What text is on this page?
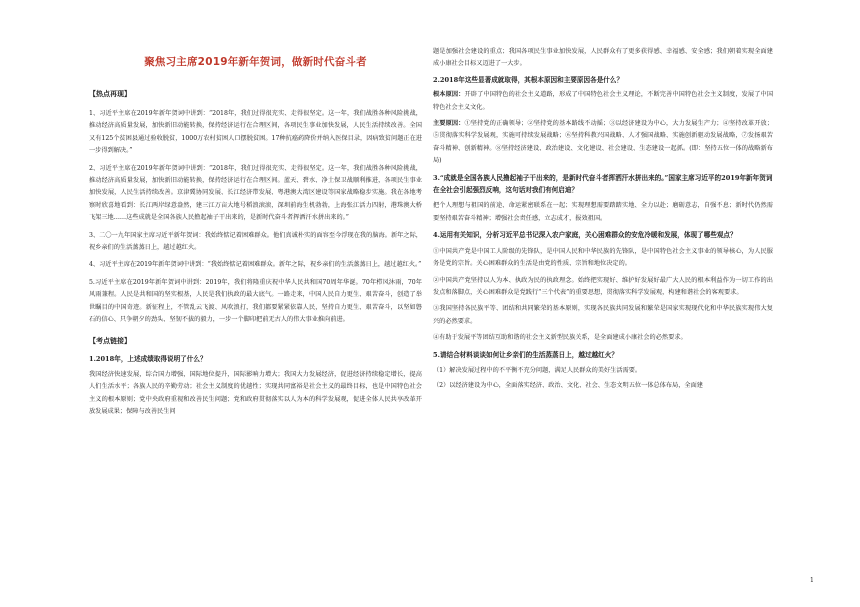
聚焦习主席2019年新年贺词，做新时代奋斗者
【热点再现】

1、习近平主席在2019年新年贺词中讲到：“2018年，我们过得很充实、走得很坚定。这一年，我们战胜各种风险挑战，推动经济高质量发展，加快新旧动能转换，保持经济运行在合理区间，各项民生事业加快发展，人民生活持续改善。全国又有125个贫困县通过验收脱贫，1000万农村贫困人口摆脱贫困。17种抗癌药降价并纳入医保目录，因病致贫问题正在进一步得到解决。”

2、习近平主席在2019年新年贺词中讲到：“2018年，我们过得很充实、走得很坚定。这一年，我们战胜各种风险挑战，推动经济高质量发展，加快新旧动能转换，保持经济运行在合理区间。蓝天、碧水、净土保卫战顺利推进，各项民生事业加快发展，人民生活持续改善。京津冀协同发展、长江经济带发展、粤港澳大湾区建设等国家战略稳步实施。我在各地考察时欣喜地看到：长江两岸绿意盎然，建三江万亩大地号稻浪滚滚，深圳前海生机勃勃，上海张江活力四射，港珠澳大桥飞架三地……这些成就是全国各族人民撸起袖子干出来的，是新时代奋斗者挥洒汗水拼出来的。”

3、二〇一九年国家主席习近平新年贺词：我始终惦记着困难群众。他们真诚朴实的面容至今浮现在我的脑海。新年之际，祝乡亲们的生活蒸蒸日上，越过越红火。

4、习近平主席在2019年新年贺词中讲到：“我始终惦记着困难群众。新年之际，祝乡亲们的生活蒸蒸日上，越过越红火。”

5.习近平主席在2019年新年贺词中讲到：2019年，我们将隆重庆祝中华人民共和国70周年华诞。70年栉风沐雨，70年风雨兼程。人民是共和国的坚实根基，人民是我们执政的最大底气。一路走来，中国人民自力更生、艰苦奋斗，创造了举世瞩目的中国奇迹。新征程上，不管乱云飞渡、风吹浪打，我们都要紧紧依靠人民，坚持自力更生、艰苦奋斗，以坚如磐石的信心、只争朝夕的劲头、坚韧不拔的毅力，一步一个脚印把前无古人的伟大事业推向前进。

【考点链接】
1.2018年，上述成绩取得说明了什么？

我国经济快速发展，综合国力增强，国际地位提升，国际影响力增大；我国大力发展经济，促进经济持续稳定增长，提高人们生活水平；各族人民的辛勤劳动；社会主义制度的优越性；实现共同富裕是社会主义的最终目标，也是中国特色社会主义的根本原则；党中央政府重视和改善民生问题；党和政府贯彻落实以人为本的科学发展观，促进全体人民共享改革开放发展成果；保障与改善民生问

题是加强社会建设的重点；我国各项民生事业加快发展，人民群众有了更多获得感、幸福感、安全感；我们朝着实现全面建成小康社会目标又迈进了一大步。

2.2018年这些显著成就取得，其根本原因和主要原因各是什么？

根本原因：开辟了中国特色的社会主义道路，形成了中国特色社会主义理论，不断完善中国特色社会主义制度，发展了中国特色社会主义文化。

主要原因：①坚持党的正确领导；②坚持党的基本路线不动摇；③以经济建设为中心，大力发展生产力；④坚持改革开放；⑤贯彻落实科学发展观，实施可持续发展战略；⑥坚持科教兴国战略、人才强国战略、实施创新驱动发展战略，⑦发扬艰苦奋斗精神、创新精神。⑧坚持经济建设、政治建设、文化建设、社会建设、生态建设一起抓。(即：坚持五位一体的战略新布局)

3.“成就是全国各族人民撸起袖子干出来的，是新时代奋斗者挥洒汗水拼出来的。”国家主席习近平的2019年新年贺词在全社会引起强烈反响，这句话对我们有何启迪？

把个人理想与祖国的前途、命运紧密联系在一起；实现理想需要踏踏实地、全力以赴；磨砺意志，自强不息；新时代仍然需要坚持艰苦奋斗精神；增强社会责任感，立志成才，报效祖国。

4.运用有关知识，分析习近平总书记深入农户家庭，关心困难群众的安危冷暖和发展，体现了哪些观点？

①中国共产党是中国工人阶级的先锋队，是中国人民和中华民族的先锋队，是中国特色社会主义事业的领导核心，为人民服务是党的宗旨。关心困难群众的生活是由党的性质、宗旨和地位决定的。

②中国共产党坚持以人为本、执政为民的执政理念。始终把实现好、维护好发展好最广大人民的根本利益作为一切工作的出发点和落脚点，关心困难群众是党践行“三个代表”的重要思想，贯彻落实科学发展观，构建和谐社会的客观要求。

③我国坚持各民族平等、团结和共同繁荣的基本原则，实现各民族共同发展和繁荣是国家实现现代化和中华民族实现伟大复兴的必然要求。

④有助于发展平等团结互助和谐的社会主义新型民族关系，是全面建成小康社会的必然要求。

5.请结合材料谈谈如何让乡亲们的生活蒸蒸日上，越过越红火？

（1）解决发展过程中的不平衡不充分问题，满足人民群众的美好生活需要。

（2）以经济建设为中心，全面落实经济、政治、文化、社会、生态文明五位一体总体布局，全面建

1
